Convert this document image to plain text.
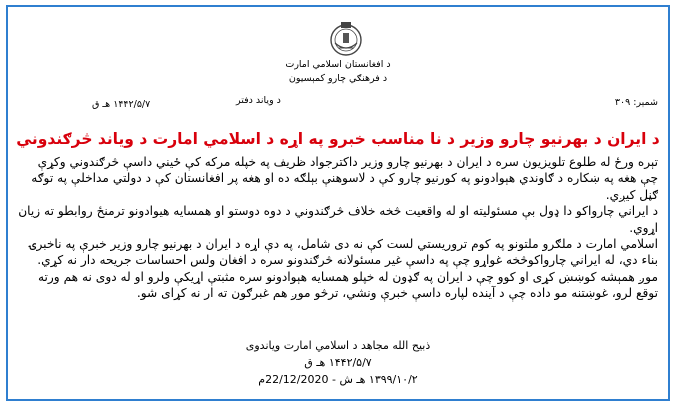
د افغانستان اسلامي امارت
د فرهنګي چارو کمېسیون
د وياند دفتر	شمېر: ۳۰۹
۱۴۴۲/۵/۷ هـ ق
د ايران د بهرنيو چارو وزير د نا مناسب خبرو په اړه د اسلامي امارت د وياند څرګندوني

تېره ورځ له طلوع تلويزيون سره د ايران د بهرنيو چارو وزير داکترجواد ظريف په خپله مرکه کې ځيني داسې څرګندوني وکړې چې هغه په ښکاره د ګاوندي هېوادونو په کورنيو چارو کې د لاسوهنې بېلګه ده او هغه پر افغانستان کې د دولتي مداخلې په توګه ګڼل کيږي.

د ايراني چارواکو دا ډول بې مسئوليته او له واقعيت څخه خلاف څرګندوني د دوه دوستو او همسايه هيوادونو ترمنځ روابطو ته زيان اړوي.

اسلامي امارت د ملګرو ملتونو په کوم تروريستي لست کې نه دی شامل، په دې اړه د ايران د بهرنيو چارو وزير خبرې په ناخبرۍ بناء دي، له ايراني چارواکوڅخه غواړو چې په داسې غير مسئولانه څرګندونو سره د افغان ولس احساسات جريحه دار نه کړي.

موږ همېشه کوښښ کړی او کوو چې د ايران په ګډون له خپلو همسايه هېوادونو سره مثبتې اړيکې ولرو او له دوی نه هم ورته توقع لرو، غوښتنه مو داده چې د آينده لپاره داسې خبرې ونشي، ترڅو موږ هم غبرګون ته ار نه کړای شو.

ذبيح الله مجاهد د اسلامي امارت وياندوی
۱۴۴۲/۵/۷ هـ ق
۱۳۹۹/۱۰/۲ هـ ش - 22/12/2020م
